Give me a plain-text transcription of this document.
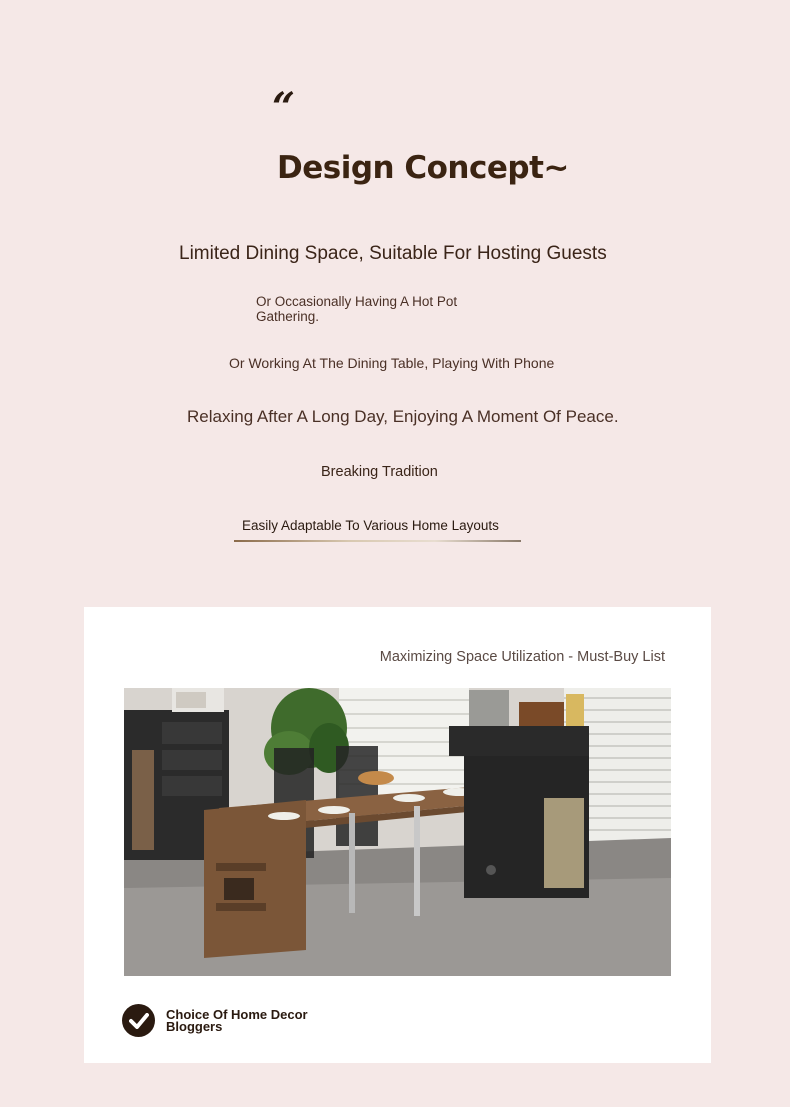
“
Design Concept~
Limited Dining Space, Suitable For Hosting Guests
Or Occasionally Having A Hot Pot Gathering.
Or Working At The Dining Table, Playing With Phone
Relaxing After A Long Day, Enjoying A Moment Of Peace.
Breaking Tradition
Easily Adaptable To Various Home Layouts
Maximizing Space Utilization - Must-Buy List
Choice Of Home Decor Bloggers
